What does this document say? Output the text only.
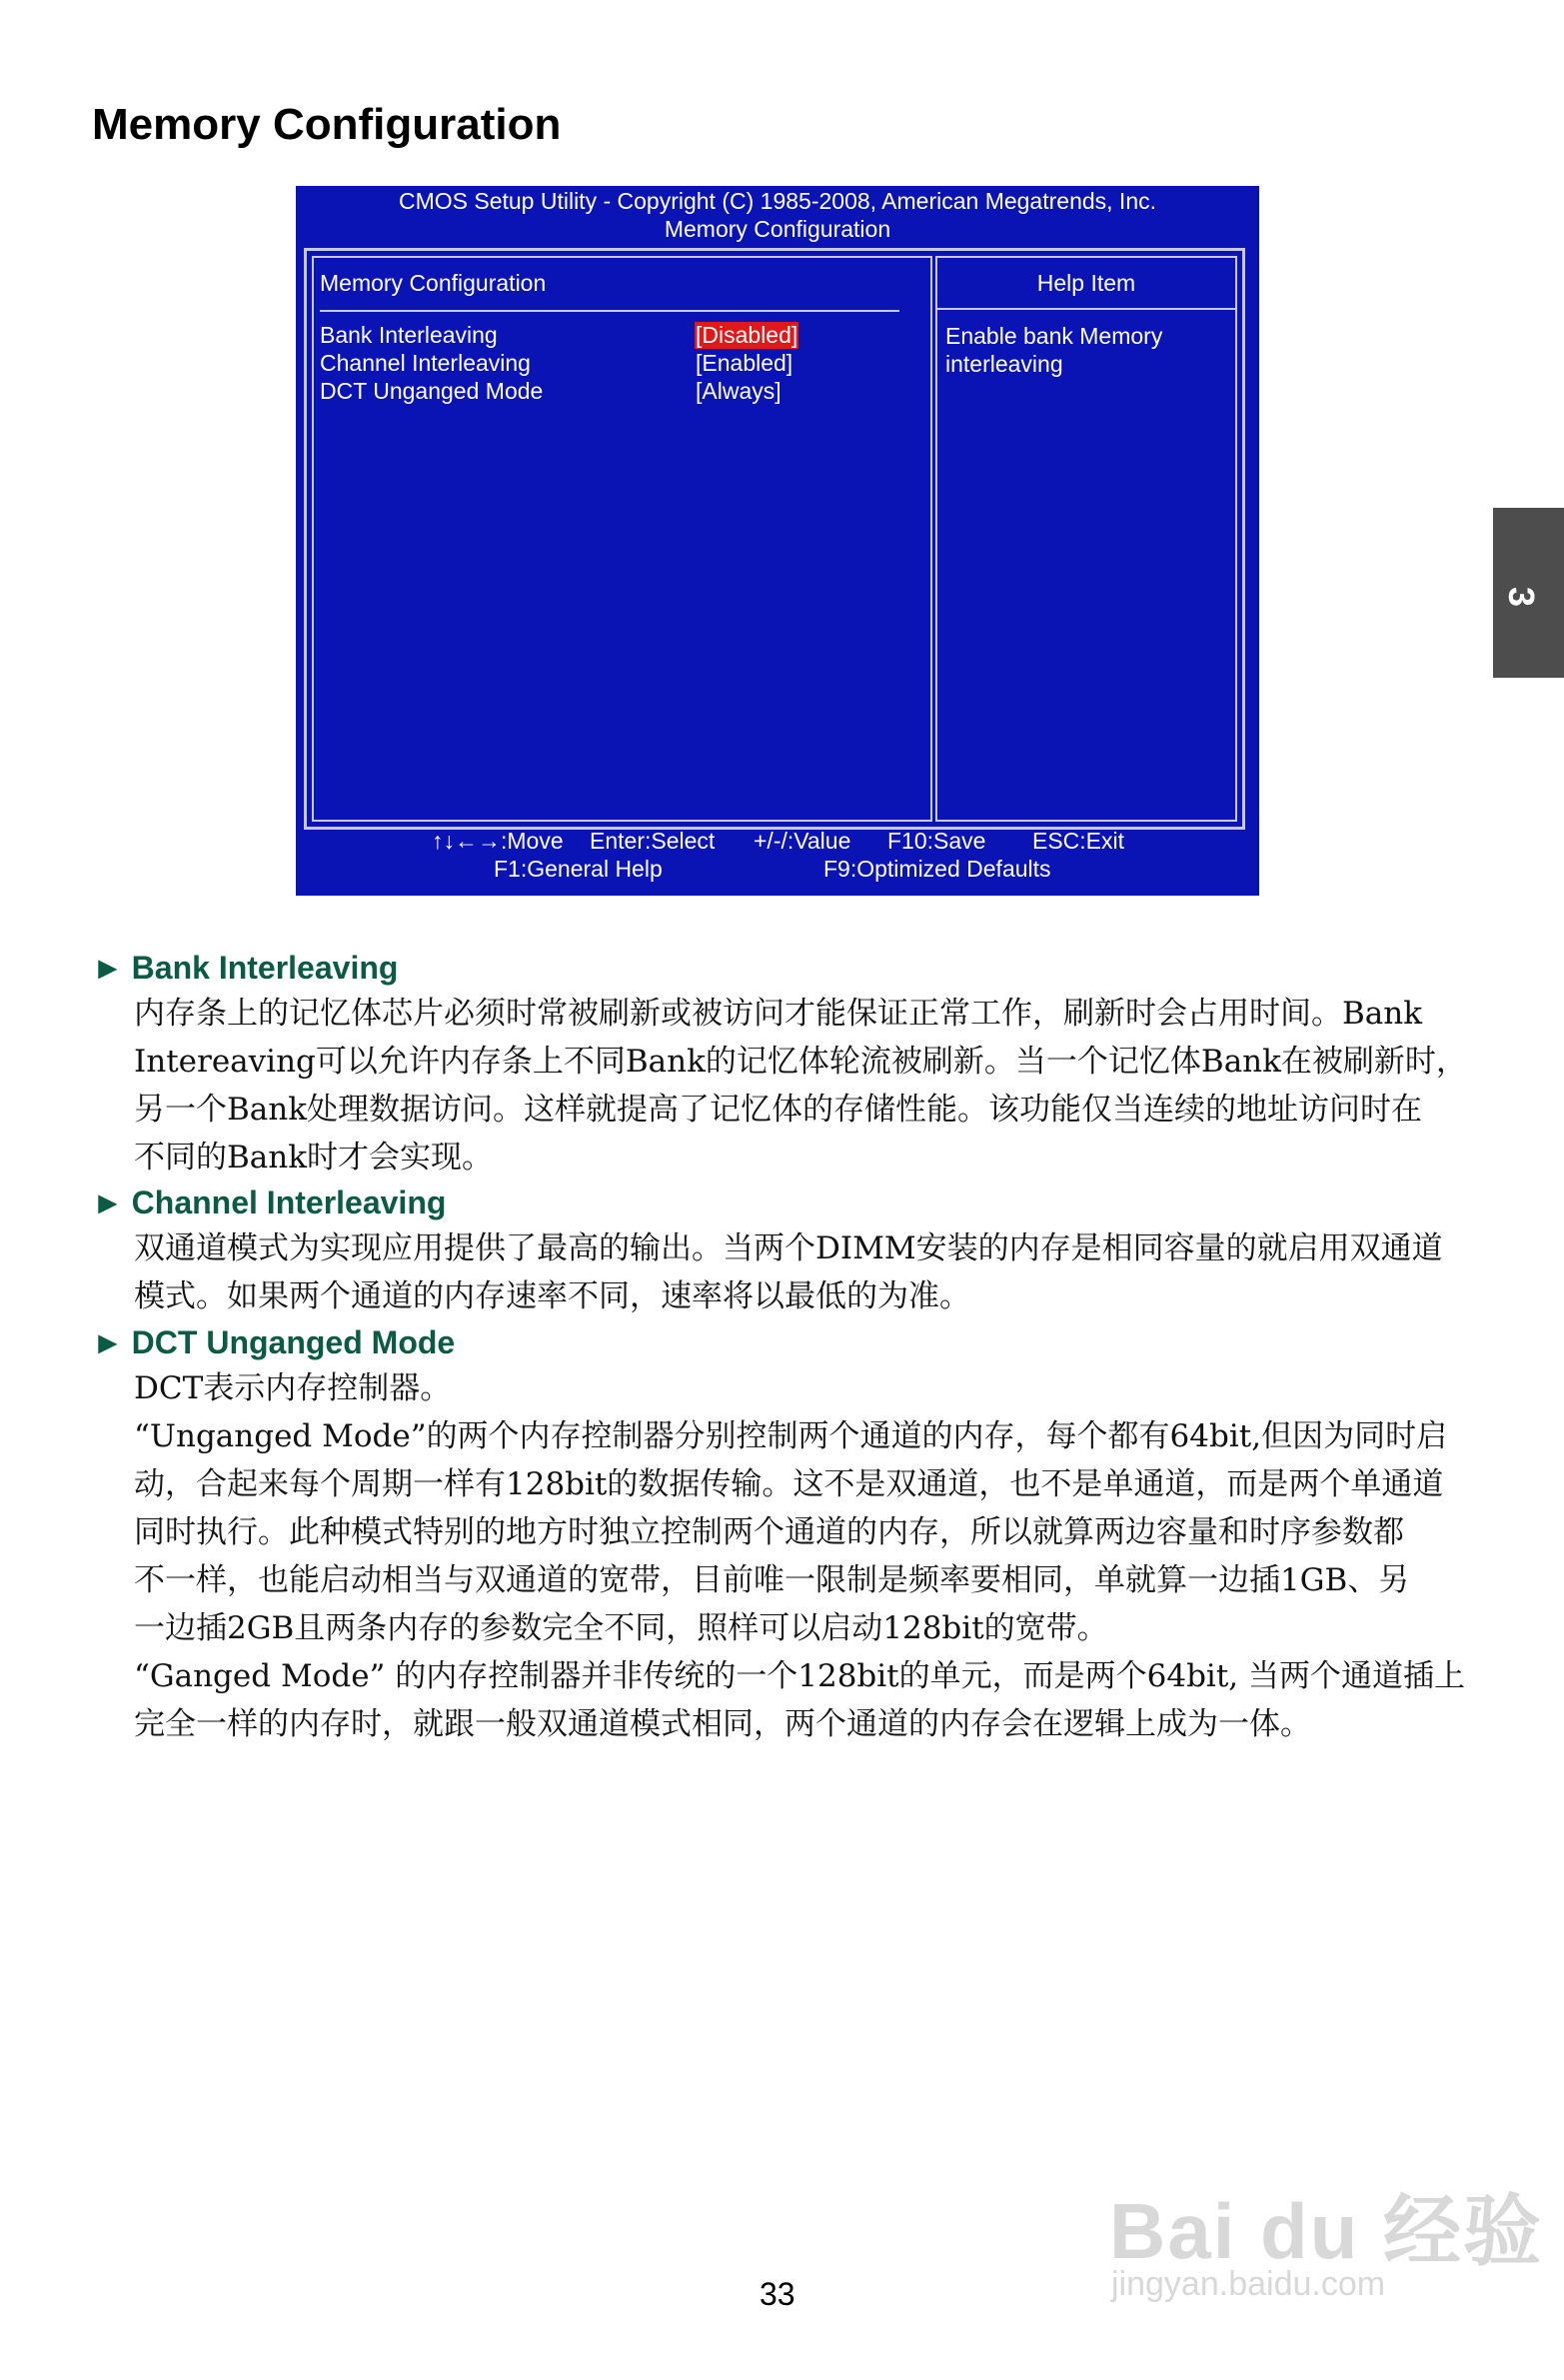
Memory Configuration
3
CMOS Setup Utility - Copyright (C) 1985-2008, American Megatrends, Inc.
Memory Configuration
Memory Configuration	Help Item
Enable bank Memory interleaving
Bank Interleaving	[Disabled]
Channel Interleaving	[Enabled]
DCT Unganged Mode	[Always]
↑↓←→:Move Enter:Select +/-/:Value F10:Save ESC:Exit
F1:General Help	F9:Optimized Defaults
► Bank Interleaving
内存条上的记忆体芯片必须时常被刷新或被访问才能保证正常工作，刷新时会占用时间。Bank
Intereaving可以允许内存条上不同Bank的记忆体轮流被刷新。当一个记忆体Bank在被刷新时，
另一个Bank处理数据访问。这样就提高了记忆体的存储性能。该功能仅当连续的地址访问时在
不同的Bank时才会实现。
► Channel Interleaving
双通道模式为实现应用提供了最高的输出。当两个DIMM安装的内存是相同容量的就启用双通道
模式。如果两个通道的内存速率不同，速率将以最低的为准。
► DCT Unganged Mode
DCT表示内存控制器。
“Unganged Mode”的两个内存控制器分别控制两个通道的内存，每个都有64bit,但因为同时启
动，合起来每个周期一样有128bit的数据传输。这不是双通道，也不是单通道，而是两个单通道
同时执行。此种模式特别的地方时独立控制两个通道的内存，所以就算两边容量和时序参数都
不一样，也能启动相当与双通道的宽带，目前唯一限制是频率要相同，单就算一边插1GB、另
一边插2GB且两条内存的参数完全不同，照样可以启动128bit的宽带。
“Ganged Mode” 的内存控制器并非传统的一个128bit的单元，而是两个64bit, 当两个通道插上
完全一样的内存时，就跟一般双通道模式相同，两个通道的内存会在逻辑上成为一体。
33
Bai du 经验
jingyan.baidu.com
